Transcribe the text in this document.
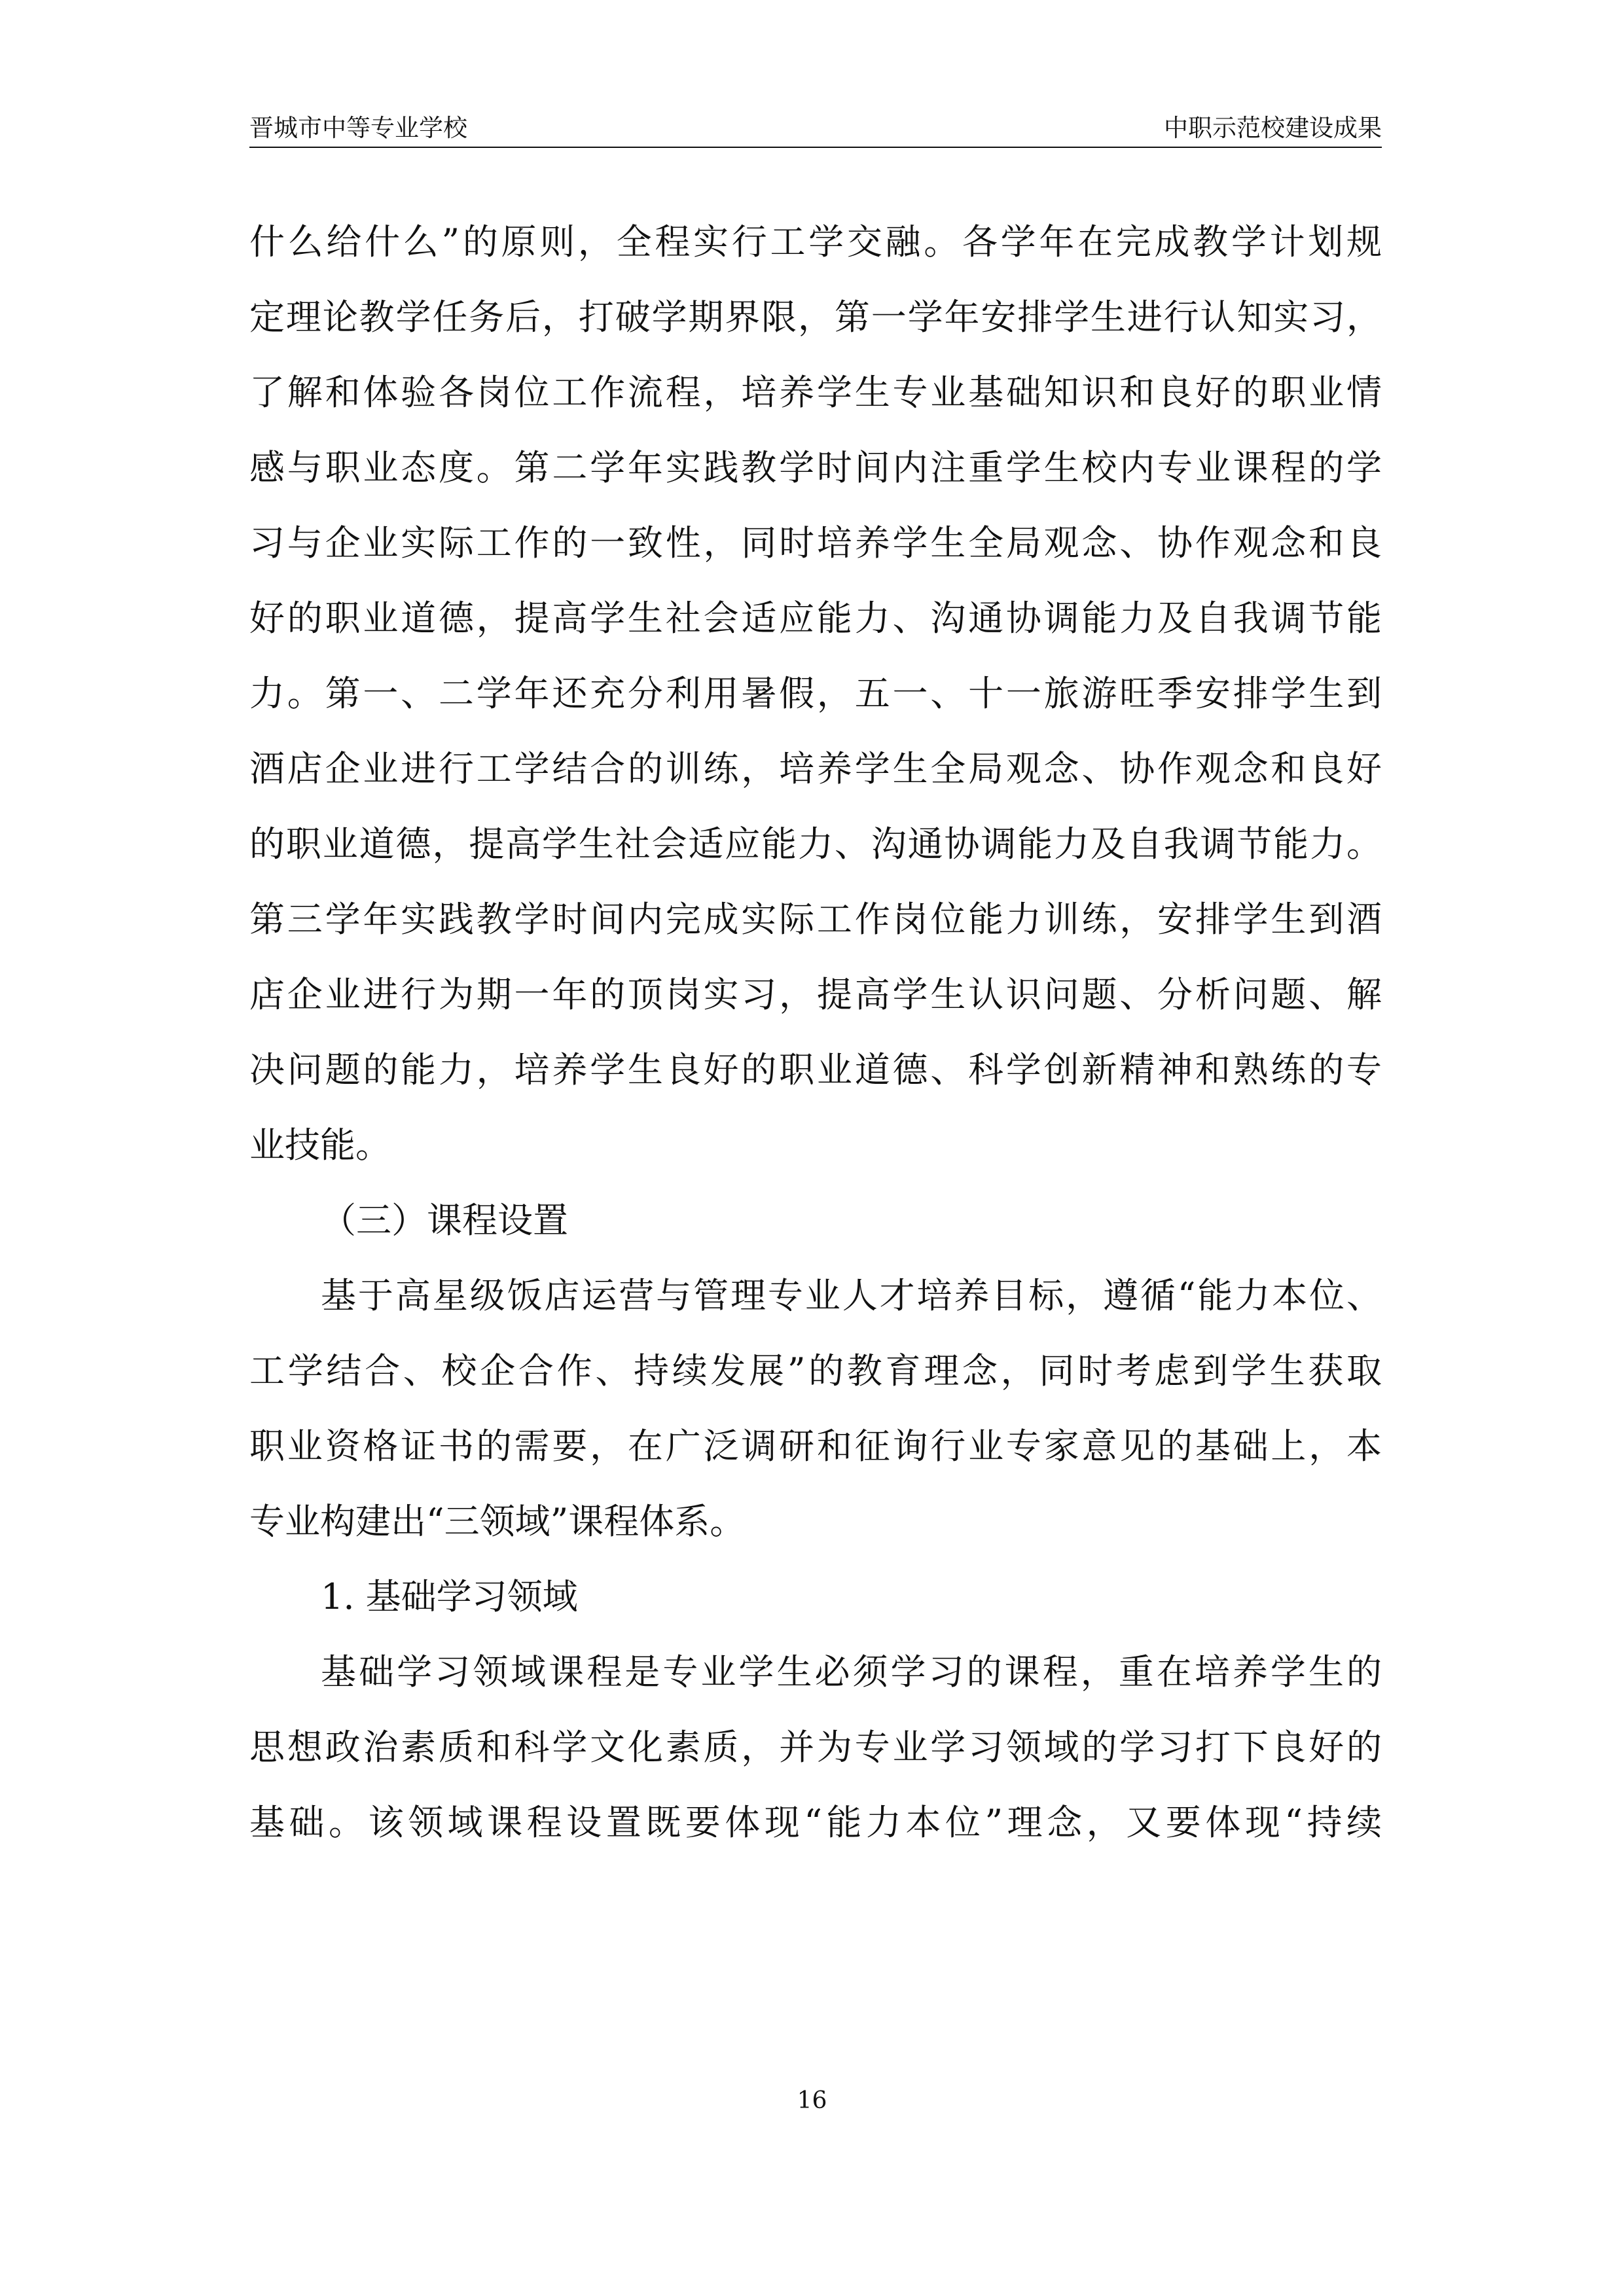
晋城市中等专业学校	中职示范校建设成果
什么给什么”的原则，全程实行工学交融。各学年在完成教学计划规
定理论教学任务后，打破学期界限，第一学年安排学生进行认知实习，
了解和体验各岗位工作流程，培养学生专业基础知识和良好的职业情
感与职业态度。第二学年实践教学时间内注重学生校内专业课程的学
习与企业实际工作的一致性，同时培养学生全局观念、协作观念和良
好的职业道德，提高学生社会适应能力、沟通协调能力及自我调节能
力。第一、二学年还充分利用暑假，五一、十一旅游旺季安排学生到
酒店企业进行工学结合的训练，培养学生全局观念、协作观念和良好
的职业道德，提高学生社会适应能力、沟通协调能力及自我调节能力。
第三学年实践教学时间内完成实际工作岗位能力训练，安排学生到酒
店企业进行为期一年的顶岗实习，提高学生认识问题、分析问题、解
决问题的能力，培养学生良好的职业道德、科学创新精神和熟练的专
业技能。
（三）课程设置
基于高星级饭店运营与管理专业人才培养目标，遵循“能力本位、
工学结合、校企合作、持续发展”的教育理念，同时考虑到学生获取
职业资格证书的需要，在广泛调研和征询行业专家意见的基础上，本
专业构建出“三领域”课程体系。
1. 基础学习领域
基础学习领域课程是专业学生必须学习的课程，重在培养学生的
思想政治素质和科学文化素质，并为专业学习领域的学习打下良好的
基础。该领域课程设置既要体现“能力本位”理念，又要体现“持续
16
